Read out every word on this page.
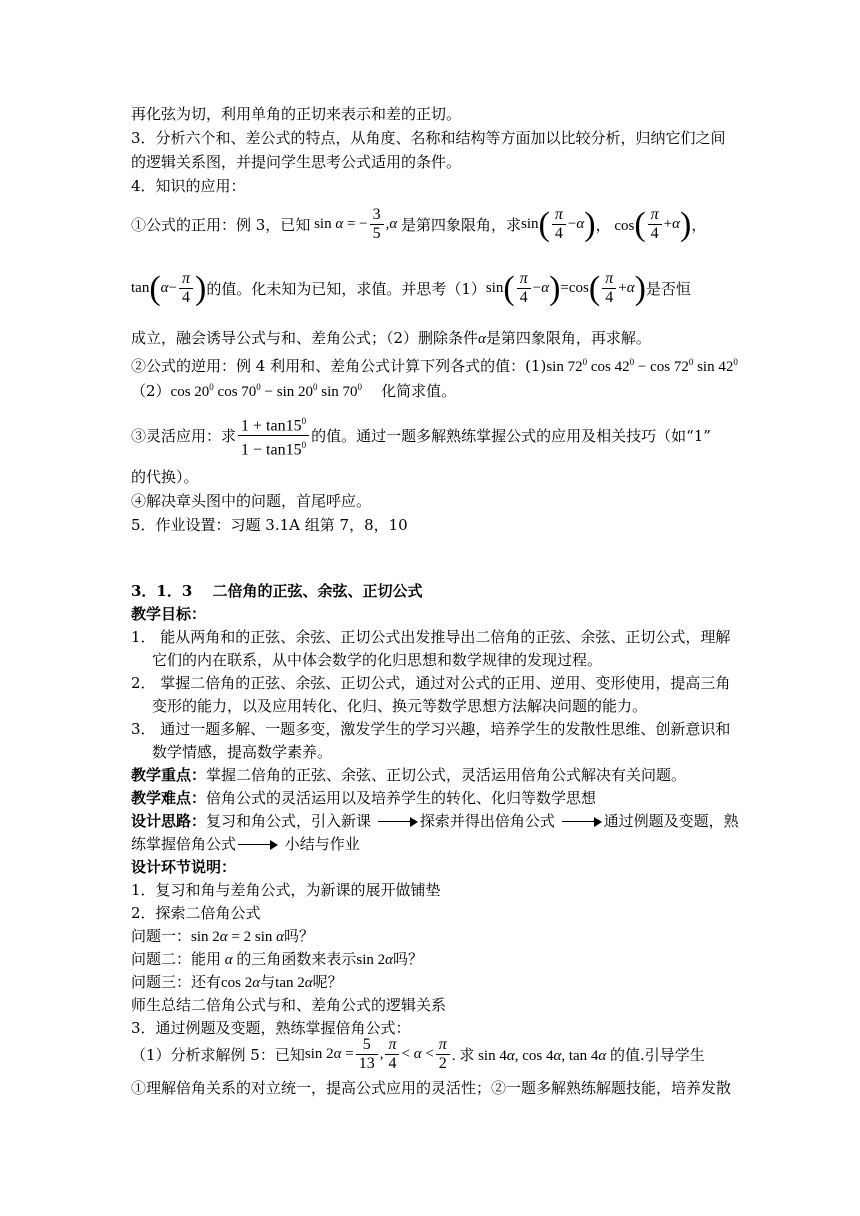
再化弦为切，利用单角的正切来表示和差的正切。
3．分析六个和、差公式的特点，从角度、名称和结构等方面加以比较分析，归纳它们之间
的逻辑关系图，并提问学生思考公式适用的条件。
4．知识的应用：
①公式的正用：例 3，已知 sin α = − $\frac{3}{5} ,\alpha$ 是第四象限角，求 sin ( $\frac{\pi}{4} -\alpha$ ) ， cos ( $\frac{\pi}{4} +\alpha$ ) ，
tan ( $\alpha - \frac{\pi}{4}$ ) 的值。化未知为已知，求值。并思考（1） sin ( $\frac{\pi}{4} -\alpha$ ) =cos ( $\frac{\pi}{4} +\alpha$ ) 是否恒
成立，融会诱导公式与和、差角公式；（2）删除条件α是第四象限角，再求解。
②公式的逆用：例 4 利用和、差角公式计算下列各式的值：(1)sin $72^0$ $\cos 42^0 - \cos 72^0$ $\sin 42^0$
（2）cos $20^0$ $\cos 70^0 - \sin 20^0$ $\sin 70^0$ 化简求值。
③灵活应用：求 $\frac{1 + \tan 15^0}{1 - \tan 15^0}$ 的值。通过一题多解熟练掌握公式的应用及相关技巧（如“1”
的代换）。
④解决章头图中的问题，首尾呼应。
5．作业设置：习题 3.1A 组第 7，8，10
3．1．3　 二倍角的正弦、余弦、正切公式
教学目标：
1． 能从两角和的正弦、余弦、正切公式出发推导出二倍角的正弦、余弦、正切公式，理解
它们的内在联系，从中体会数学的化归思想和数学规律的发现过程。
2． 掌握二倍角的正弦、余弦、正切公式，通过对公式的正用、逆用、变形使用，提高三角
变形的能力，以及应用转化、化归、换元等数学思想方法解决问题的能力。
3． 通过一题多解、一题多变，激发学生的学习兴趣，培养学生的发散性思维、创新意识和
数学情感，提高数学素养。
教学重点：掌握二倍角的正弦、余弦、正切公式，灵活运用倍角公式解决有关问题。
教学难点：倍角公式的灵活运用以及培养学生的转化、化归等数学思想
设计思路：复习和角公式，引入新课	探索并得出倍角公式	通过例题及变题，熟
练掌握倍角公式	小结与作业
设计环节说明：
1．复习和角与差角公式，为新课的展开做铺垫
2．探索二倍角公式
问题一：sin 2α = 2 sin α吗？
问题二：能用 α 的三角函数来表示sin 2α吗？
问题三：还有cos 2α与tan 2α呢？
师生总结二倍角公式与和、差角公式的逻辑关系
3．通过例题及变题，熟练掌握倍角公式：
（1）分析求解例 5：已知 $\sin 2\alpha = \frac{5}{13}$ , $\frac{\pi}{4} < \alpha < \frac{\pi}{2}$ . 求 sin 4α, cos 4α, tan 4α 的值.引导学生
①理解倍角关系的对立统一，提高公式应用的灵活性；②一题多解熟练解题技能，培养发散
